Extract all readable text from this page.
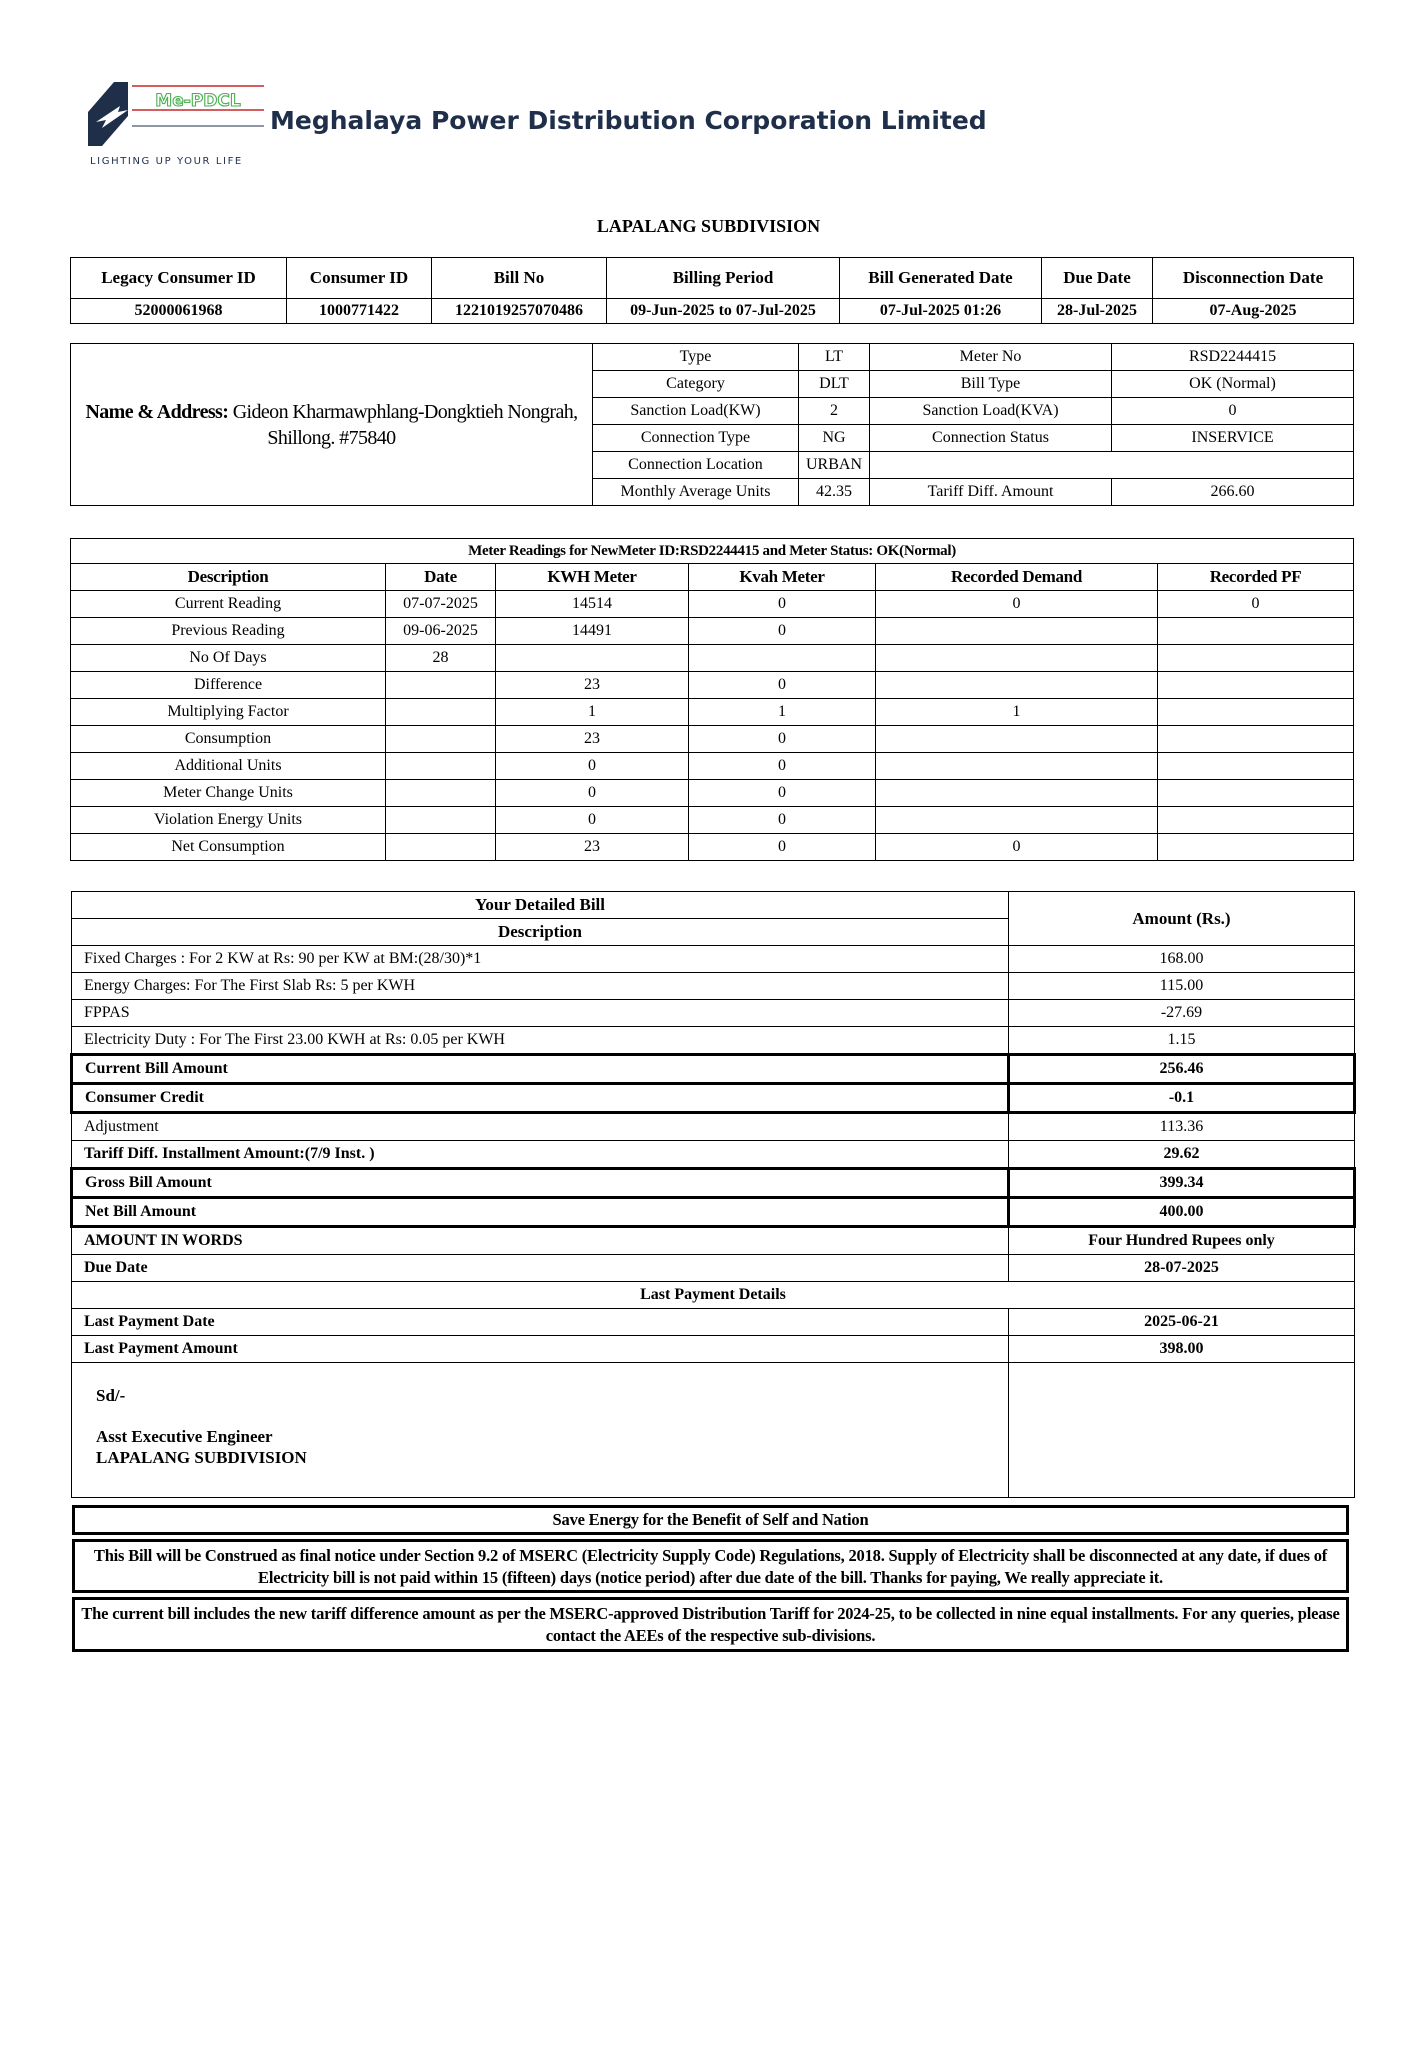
Me-PDCL
LIGHTING UP YOUR LIFE
Meghalaya Power Distribution Corporation Limited
LAPALANG SUBDIVISION
Legacy Consumer ID	Consumer ID	Bill No	Billing Period	Bill Generated Date	Due Date	Disconnection Date
52000061968	1000771422	1221019257070486	09-Jun-2025 to 07-Jul-2025	07-Jul-2025 01:26	28-Jul-2025	07-Aug-2025
Name & Address: Gideon Kharmawphlang-Dongktieh Nongrah, Shillong. #75840	Type	LT	Meter No	RSD2244415
	Category	DLT	Bill Type	OK (Normal)
	Sanction Load(KW)	2	Sanction Load(KVA)	0
	Connection Type	NG	Connection Status	INSERVICE
	Connection Location	URBAN		
	Monthly Average Units	42.35	Tariff Diff. Amount	266.60
Meter Readings for NewMeter ID:RSD2244415 and Meter Status: OK(Normal)					
Description	Date	KWH Meter	Kvah Meter	Recorded Demand	Recorded PF
Current Reading	07-07-2025	14514	0	0	0
Previous Reading	09-06-2025	14491	0		
No Of Days	28				
Difference		23	0		
Multiplying Factor		1	1	1	
Consumption		23	0		
Additional Units		0	0		
Meter Change Units		0	0		
Violation Energy Units		0	0		
Net Consumption		23	0	0	
Your Detailed Bill	Amount (Rs.)
Description	
Fixed Charges : For 2 KW at Rs: 90 per KW at BM:(28/30)*1	168.00
Energy Charges: For The First Slab Rs: 5 per KWH	115.00
FPPAS	-27.69
Electricity Duty : For The First 23.00 KWH at Rs: 0.05 per KWH	1.15
Current Bill Amount	256.46
Consumer Credit	-0.1
Adjustment	113.36
Tariff Diff. Installment Amount:(7/9 Inst. )	29.62
Gross Bill Amount	399.34
Net Bill Amount	400.00
AMOUNT IN WORDS	Four Hundred Rupees only
Due Date	28-07-2025
Last Payment Details	
Last Payment Date	2025-06-21
Last Payment Amount	398.00

Sd/-
Asst Executive Engineer
LAPALANG SUBDIVISION	

Save Energy for the Benefit of Self and Nation
This Bill will be Construed as final notice under Section 9.2 of MSERC (Electricity Supply Code) Regulations, 2018. Supply of Electricity shall be disconnected at any date, if dues of Electricity bill is not paid within 15 (fifteen) days (notice period) after due date of the bill. Thanks for paying, We really appreciate it.
The current bill includes the new tariff difference amount as per the MSERC-approved Distribution Tariff for 2024-25, to be collected in nine equal installments. For any queries, please contact the AEEs of the respective sub-divisions.
